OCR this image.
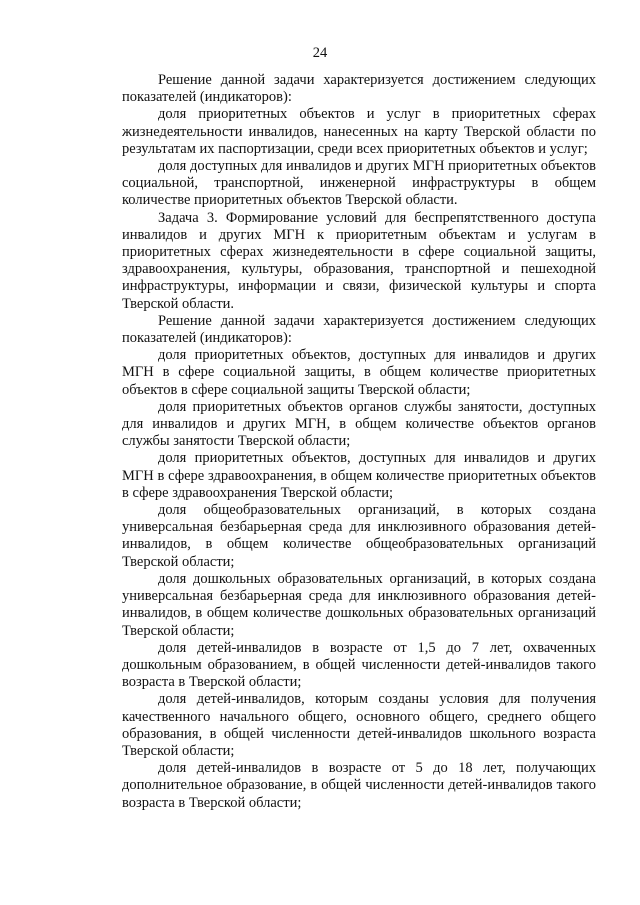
24

Решение данной задачи характеризуется достижением следующих показателей (индикаторов):

доля приоритетных объектов и услуг в приоритетных сферах жизнедеятельности инвалидов, нанесенных на карту Тверской области по результатам их паспортизации, среди всех приоритетных объектов и услуг;

доля доступных для инвалидов и других МГН приоритетных объектов социальной, транспортной, инженерной инфраструктуры в общем количестве приоритетных объектов Тверской области.

Задача 3. Формирование условий для беспрепятственного доступа инвалидов и других МГН к приоритетным объектам и услугам в приоритетных сферах жизнедеятельности в сфере социальной защиты, здравоохранения, культуры, образования, транспортной и пешеходной инфраструктуры, информации и связи, физической культуры и спорта Тверской области.

Решение данной задачи характеризуется достижением следующих показателей (индикаторов):

доля приоритетных объектов, доступных для инвалидов и других МГН в сфере социальной защиты, в общем количестве приоритетных объектов в сфере социальной защиты Тверской области;

доля приоритетных объектов органов службы занятости, доступных для инвалидов и других МГН, в общем количестве объектов органов службы занятости Тверской области;

доля приоритетных объектов, доступных для инвалидов и других МГН в сфере здравоохранения, в общем количестве приоритетных объектов в сфере здравоохранения Тверской области;

доля общеобразовательных организаций, в которых создана универсальная безбарьерная среда для инклюзивного образования детей-инвалидов, в общем количестве общеобразовательных организаций Тверской области;

доля дошкольных образовательных организаций, в которых создана универсальная безбарьерная среда для инклюзивного образования детей-инвалидов, в общем количестве дошкольных образовательных организаций Тверской области;

доля детей-инвалидов в возрасте от 1,5 до 7 лет, охваченных дошкольным образованием, в общей численности детей-инвалидов такого возраста в Тверской области;

доля детей-инвалидов, которым созданы условия для получения качественного начального общего, основного общего, среднего общего образования, в общей численности детей-инвалидов школьного возраста Тверской области;

доля детей-инвалидов в возрасте от 5 до 18 лет, получающих дополнительное образование, в общей численности детей-инвалидов такого возраста в Тверской области;
